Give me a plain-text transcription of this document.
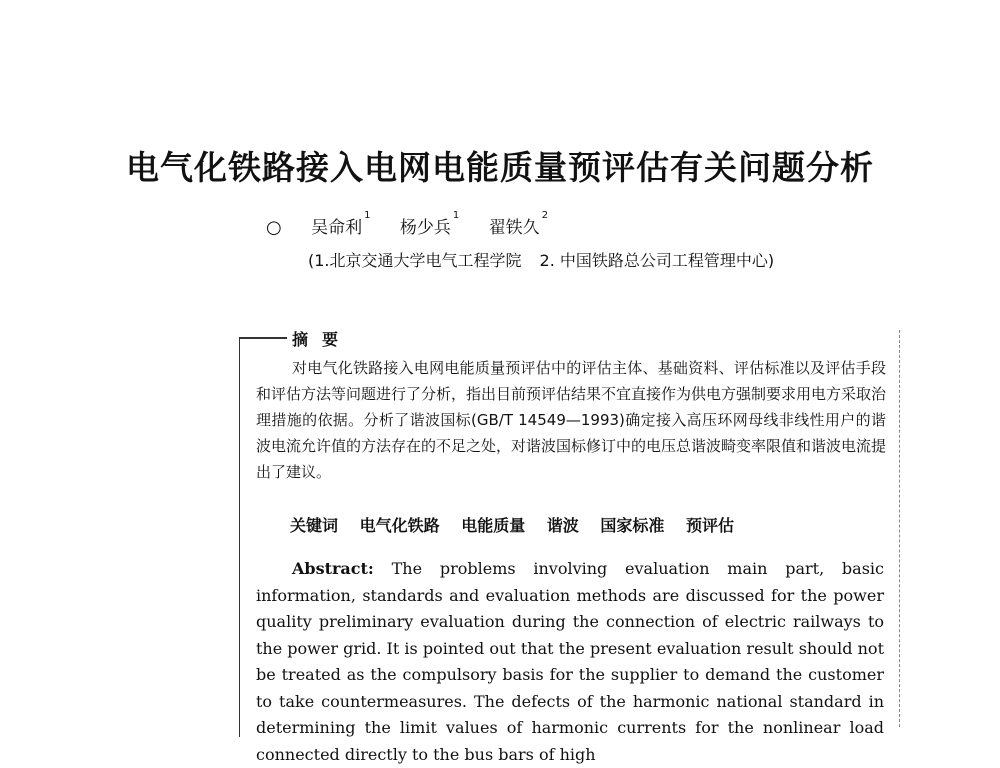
电气化铁路接入电网电能质量预评估有关问题分析
○ 吴命利$^1$ 杨少兵$^1$ 翟铁久$^2$
(1.北京交通大学电气工程学院 2. 中国铁路总公司工程管理中心)
摘要

对电气化铁路接入电网电能质量预评估中的评估主体、基础资料、评估标准以及评估手段和评估方法等问题进行了分析，指出目前预评估结果不宜直接作为供电方强制要求用电方采取治理措施的依据。分析了谐波国标(GB/T 14549—1993)确定接入高压环网母线非线性用户的谐波电流允许值的方法存在的不足之处，对谐波国标修订中的电压总谐波畸变率限值和谐波电流提出了建议。

关键词 电气化铁路 电能质量 谐波 国家标准 预评估

Abstract: The problems involving evaluation main part, basic information, standards and evaluation methods are discussed for the power quality preliminary evaluation during the connection of electric railways to the power grid. It is pointed out that the present evaluation result should not be treated as the compulsory basis for the supplier to demand the customer to take countermeasures. The defects of the harmonic national standard in determining the limit values of harmonic currents for the nonlinear load connected directly to the bus bars of high
